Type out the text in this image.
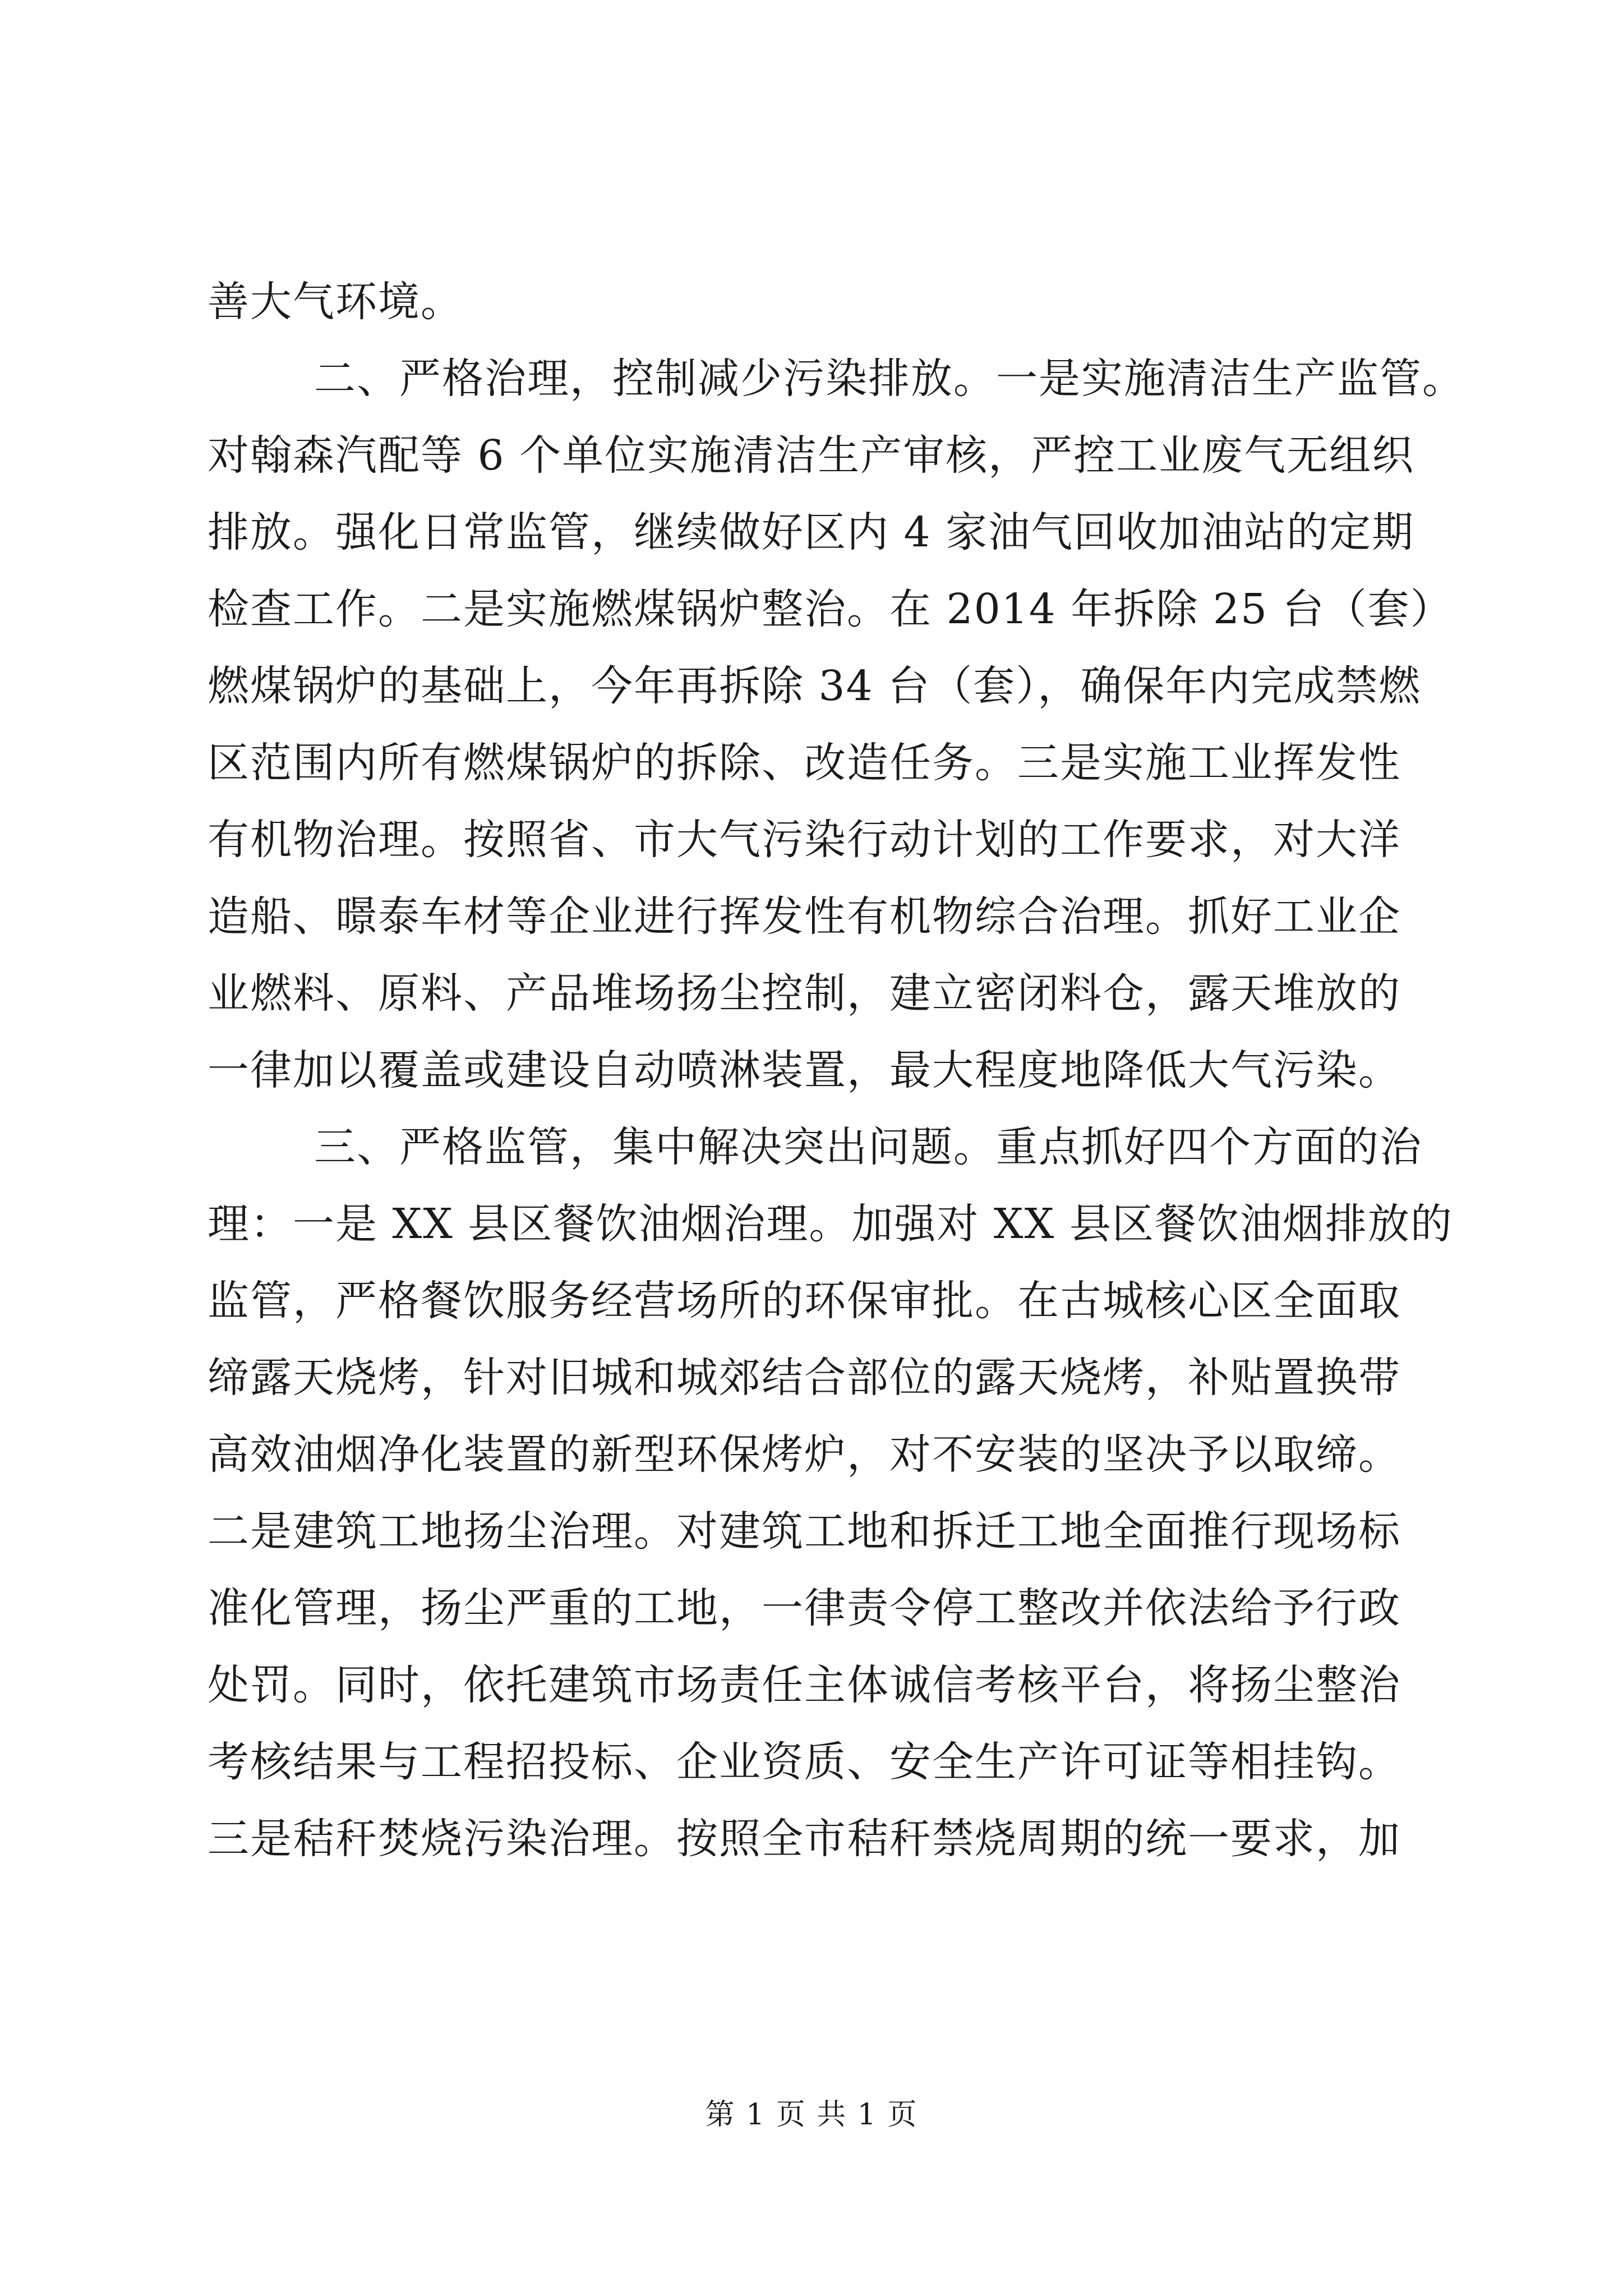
善大气环境。
二、严格治理，控制减少污染排放。一是实施清洁生产监管。
对翰森汽配等 6 个单位实施清洁生产审核，严控工业废气无组织
排放。强化日常监管，继续做好区内 4 家油气回收加油站的定期
检查工作。二是实施燃煤锅炉整治。在 2014 年拆除 25 台（套）
燃煤锅炉的基础上，今年再拆除 34 台（套），确保年内完成禁燃
区范围内所有燃煤锅炉的拆除、改造任务。三是实施工业挥发性
有机物治理。按照省、市大气污染行动计划的工作要求，对大洋
造船、暻泰车材等企业进行挥发性有机物综合治理。抓好工业企
业燃料、原料、产品堆场扬尘控制，建立密闭料仓，露天堆放的
一律加以覆盖或建设自动喷淋装置，最大程度地降低大气污染。
三、严格监管，集中解决突出问题。重点抓好四个方面的治
理：一是 XX 县区餐饮油烟治理。加强对 XX 县区餐饮油烟排放的
监管，严格餐饮服务经营场所的环保审批。在古城核心区全面取
缔露天烧烤，针对旧城和城郊结合部位的露天烧烤，补贴置换带
高效油烟净化装置的新型环保烤炉，对不安装的坚决予以取缔。
二是建筑工地扬尘治理。对建筑工地和拆迁工地全面推行现场标
准化管理，扬尘严重的工地，一律责令停工整改并依法给予行政
处罚。同时，依托建筑市场责任主体诚信考核平台，将扬尘整治
考核结果与工程招投标、企业资质、安全生产许可证等相挂钩。
三是秸秆焚烧污染治理。按照全市秸秆禁烧周期的统一要求，加
第 1 页 共 1 页
